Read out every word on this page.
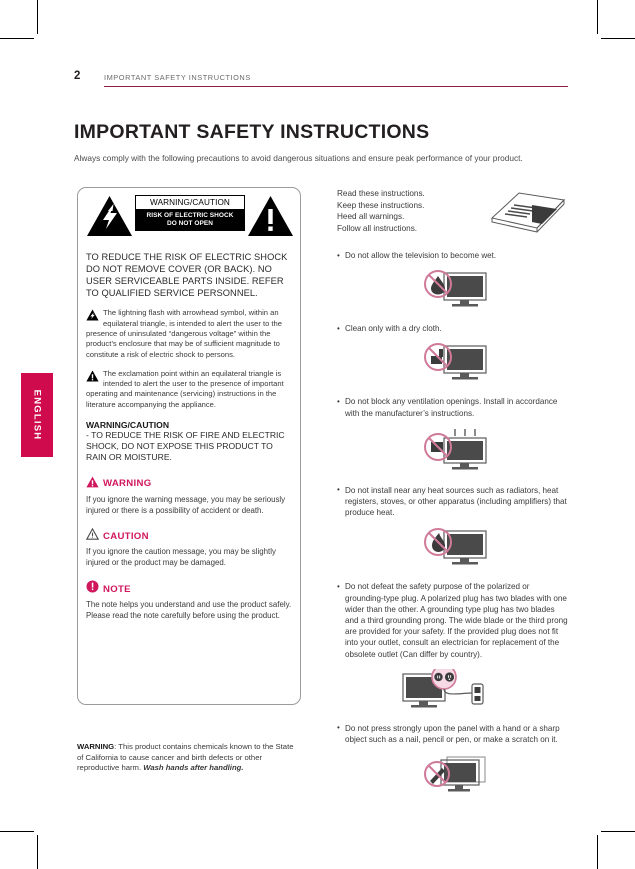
2	IMPORTANT SAFETY INSTRUCTIONS
IMPORTANT SAFETY INSTRUCTIONS

Always comply with the following precautions to avoid dangerous situations and ensure peak performance of your product.

ENGLISH
WARNING/CAUTION
RISK OF ELECTRIC SHOCK
DO NOT OPEN
TO REDUCE THE RISK OF ELECTRIC SHOCK DO NOT REMOVE COVER (OR BACK). NO USER SERVICEABLE PARTS INSIDE. REFER TO QUALIFIED SERVICE PERSONNEL.
The lightning flash with arrowhead symbol, within an equilateral triangle, is intended to alert the user to the presence of uninsulated “dangerous voltage” within the product’s enclosure that may be of sufficient magnitude to constitute a risk of electric shock to persons.
The exclamation point within an equilateral triangle is intended to alert the user to the presence of important operating and maintenance (servicing) instructions in the literature accompanying the appliance.
WARNING/CAUTION
- TO REDUCE THE RISK OF FIRE AND ELECTRIC SHOCK, DO NOT EXPOSE THIS PRODUCT TO RAIN OR MOISTURE.
WARNING
If you ignore the warning message, you may be seriously injured or there is a possibility of accident or death.
CAUTION
If you ignore the caution message, you may be slightly injured or the product may be damaged.
NOTE
The note helps you understand and use the product safely. Please read the note carefully before using the product.
WARNING: This product contains chemicals known to the State of California to cause cancer and birth defects or other reproductive harm. Wash hands after handling.
Read these instructions.
Keep these instructions.
Heed all warnings.
Follow all instructions.
• Do not allow the television to become wet.
• Clean only with a dry cloth.
• Do not block any ventilation openings. Install in accordance with the manufacturer’s instructions.
• Do not install near any heat sources such as radiators, heat registers, stoves, or other apparatus (including amplifiers) that produce heat.
• Do not defeat the safety purpose of the polarized or grounding-type plug. A polarized plug has two blades with one wider than the other. A grounding type plug has two blades and a third grounding prong. The wide blade or the third prong are provided for your safety. If the provided plug does not fit into your outlet, consult an electrician for replacement of the obsolete outlet (Can differ by country).
• Do not press strongly upon the panel with a hand or a sharp object such as a nail, pencil or pen, or make a scratch on it.
